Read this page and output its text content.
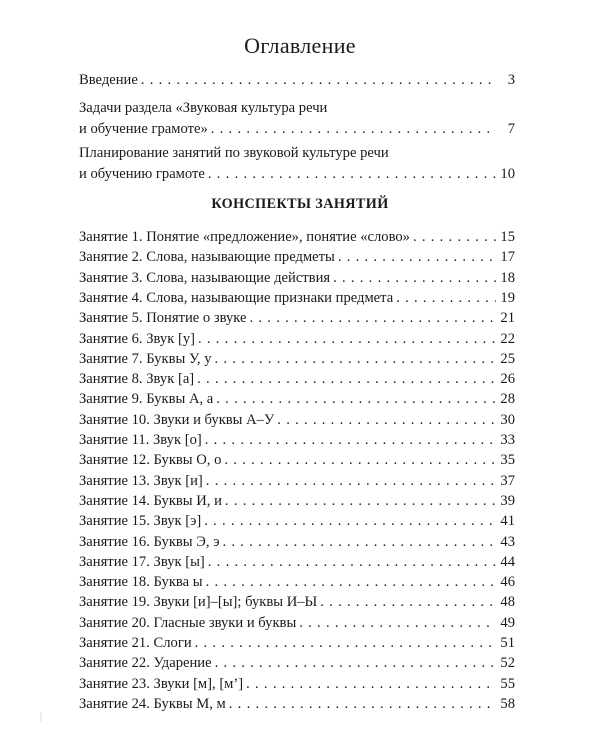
Оглавление
Введение . . .	3
Задачи раздела «Звуковая культура речи
и обучение грамоте» . . .	7
Планирование занятий по звуковой культуре речи
и обучению грамоте . . .	10
КОНСПЕКТЫ ЗАНЯТИЙ
Занятие 1. Понятие «предложение», понятие «слово» . . .	15
Занятие 2. Слова, называющие предметы . . .	17
Занятие 3. Слова, называющие действия . . .	18
Занятие 4. Слова, называющие признаки предмета . . .	19
Занятие 5. Понятие о звуке . . .	21
Занятие 6. Звук [у] . . .	22
Занятие 7. Буквы У, у . . .	25
Занятие 8. Звук [а] . . .	26
Занятие 9. Буквы А, а . . .	28
Занятие 10. Звуки и буквы А–У . . .	30
Занятие 11. Звук [о] . . .	33
Занятие 12. Буквы О, о . . .	35
Занятие 13. Звук [и] . . .	37
Занятие 14. Буквы И, и . . .	39
Занятие 15. Звук [э] . . .	41
Занятие 16. Буквы Э, э . . .	43
Занятие 17. Звук [ы] . . .	44
Занятие 18. Буква ы . . .	46
Занятие 19. Звуки [и]–[ы]; буквы И–Ы . . .	48
Занятие 20. Гласные звуки и буквы . . .	49
Занятие 21. Слоги . . .	51
Занятие 22. Ударение . . .	52
Занятие 23. Звуки [м], [м’] . . .	55
Занятие 24. Буквы М, м . . .	58
|
